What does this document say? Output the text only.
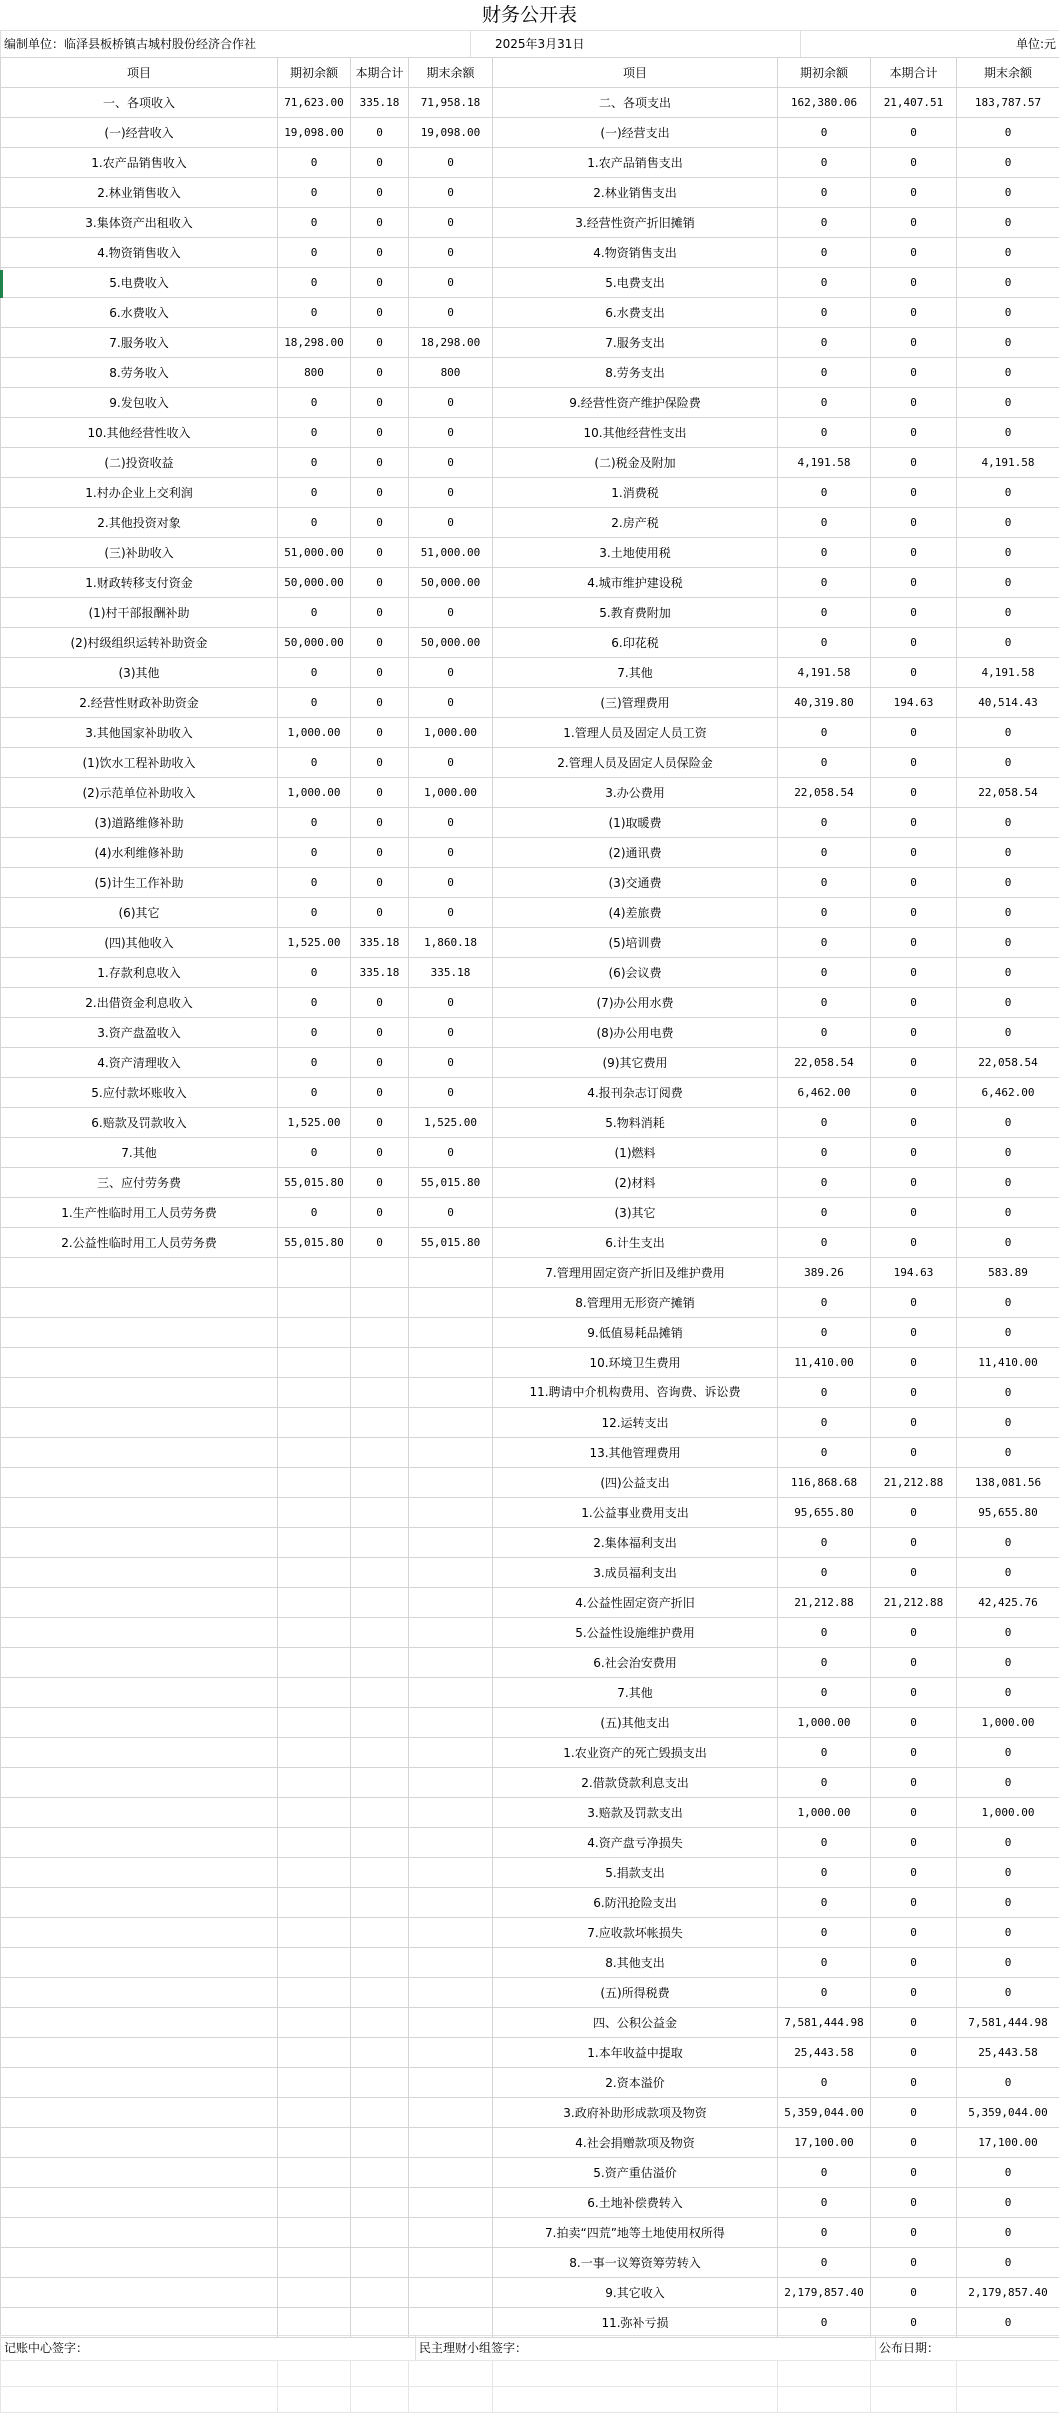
财务公开表
编制单位：临泽县板桥镇古城村股份经济合作社	2025年3月31日	单位:元
项目	期初余额	本期合计	期末余额	项目	期初余额	本期合计	期末余额
一、各项收入	71,623.00	335.18	71,958.18	二、各项支出	162,380.06	21,407.51	183,787.57
(一)经营收入	19,098.00	0	19,098.00	(一)经营支出	0	0	0
1.农产品销售收入	0	0	0	1.农产品销售支出	0	0	0
2.林业销售收入	0	0	0	2.林业销售支出	0	0	0
3.集体资产出租收入	0	0	0	3.经营性资产折旧摊销	0	0	0
4.物资销售收入	0	0	0	4.物资销售支出	0	0	0
5.电费收入	0	0	0	5.电费支出	0	0	0
6.水费收入	0	0	0	6.水费支出	0	0	0
7.服务收入	18,298.00	0	18,298.00	7.服务支出	0	0	0
8.劳务收入	800	0	800	8.劳务支出	0	0	0
9.发包收入	0	0	0	9.经营性资产维护保险费	0	0	0
10.其他经营性收入	0	0	0	10.其他经营性支出	0	0	0
(二)投资收益	0	0	0	(二)税金及附加	4,191.58	0	4,191.58
1.村办企业上交利润	0	0	0	1.消费税	0	0	0
2.其他投资对象	0	0	0	2.房产税	0	0	0
(三)补助收入	51,000.00	0	51,000.00	3.土地使用税	0	0	0
1.财政转移支付资金	50,000.00	0	50,000.00	4.城市维护建设税	0	0	0
(1)村干部报酬补助	0	0	0	5.教育费附加	0	0	0
(2)村级组织运转补助资金	50,000.00	0	50,000.00	6.印花税	0	0	0
(3)其他	0	0	0	7.其他	4,191.58	0	4,191.58
2.经营性财政补助资金	0	0	0	(三)管理费用	40,319.80	194.63	40,514.43
3.其他国家补助收入	1,000.00	0	1,000.00	1.管理人员及固定人员工资	0	0	0
(1)饮水工程补助收入	0	0	0	2.管理人员及固定人员保险金	0	0	0
(2)示范单位补助收入	1,000.00	0	1,000.00	3.办公费用	22,058.54	0	22,058.54
(3)道路维修补助	0	0	0	(1)取暖费	0	0	0
(4)水利维修补助	0	0	0	(2)通讯费	0	0	0
(5)计生工作补助	0	0	0	(3)交通费	0	0	0
(6)其它	0	0	0	(4)差旅费	0	0	0
(四)其他收入	1,525.00	335.18	1,860.18	(5)培训费	0	0	0
1.存款利息收入	0	335.18	335.18	(6)会议费	0	0	0
2.出借资金利息收入	0	0	0	(7)办公用水费	0	0	0
3.资产盘盈收入	0	0	0	(8)办公用电费	0	0	0
4.资产清理收入	0	0	0	(9)其它费用	22,058.54	0	22,058.54
5.应付款坏账收入	0	0	0	4.报刊杂志订阅费	6,462.00	0	6,462.00
6.赔款及罚款收入	1,525.00	0	1,525.00	5.物料消耗	0	0	0
7.其他	0	0	0	(1)燃料	0	0	0
三、应付劳务费	55,015.80	0	55,015.80	(2)材料	0	0	0
1.生产性临时用工人员劳务费	0	0	0	(3)其它	0	0	0
2.公益性临时用工人员劳务费	55,015.80	0	55,015.80	6.计生支出	0	0	0
				7.管理用固定资产折旧及维护费用	389.26	194.63	583.89
				8.管理用无形资产摊销	0	0	0
				9.低值易耗品摊销	0	0	0
				10.环境卫生费用	11,410.00	0	11,410.00
				11.聘请中介机构费用、咨询费、诉讼费	0	0	0
				12.运转支出	0	0	0
				13.其他管理费用	0	0	0
				(四)公益支出	116,868.68	21,212.88	138,081.56
				1.公益事业费用支出	95,655.80	0	95,655.80
				2.集体福利支出	0	0	0
				3.成员福利支出	0	0	0
				4.公益性固定资产折旧	21,212.88	21,212.88	42,425.76
				5.公益性设施维护费用	0	0	0
				6.社会治安费用	0	0	0
				7.其他	0	0	0
				(五)其他支出	1,000.00	0	1,000.00
				1.农业资产的死亡毁损支出	0	0	0
				2.借款贷款利息支出	0	0	0
				3.赔款及罚款支出	1,000.00	0	1,000.00
				4.资产盘亏净损失	0	0	0
				5.捐款支出	0	0	0
				6.防汛抢险支出	0	0	0
				7.应收款坏帐损失	0	0	0
				8.其他支出	0	0	0
				(五)所得税费	0	0	0
				四、公积公益金	7,581,444.98	0	7,581,444.98
				1.本年收益中提取	25,443.58	0	25,443.58
				2.资本溢价	0	0	0
				3.政府补助形成款项及物资	5,359,044.00	0	5,359,044.00
				4.社会捐赠款项及物资	17,100.00	0	17,100.00
				5.资产重估溢价	0	0	0
				6.土地补偿费转入	0	0	0
				7.拍卖“四荒”地等土地使用权所得	0	0	0
				8.一事一议筹资筹劳转入	0	0	0
				9.其它收入	2,179,857.40	0	2,179,857.40
				11.弥补亏损	0	0	0
记账中心签字：	民主理财小组签字：	公布日期：
